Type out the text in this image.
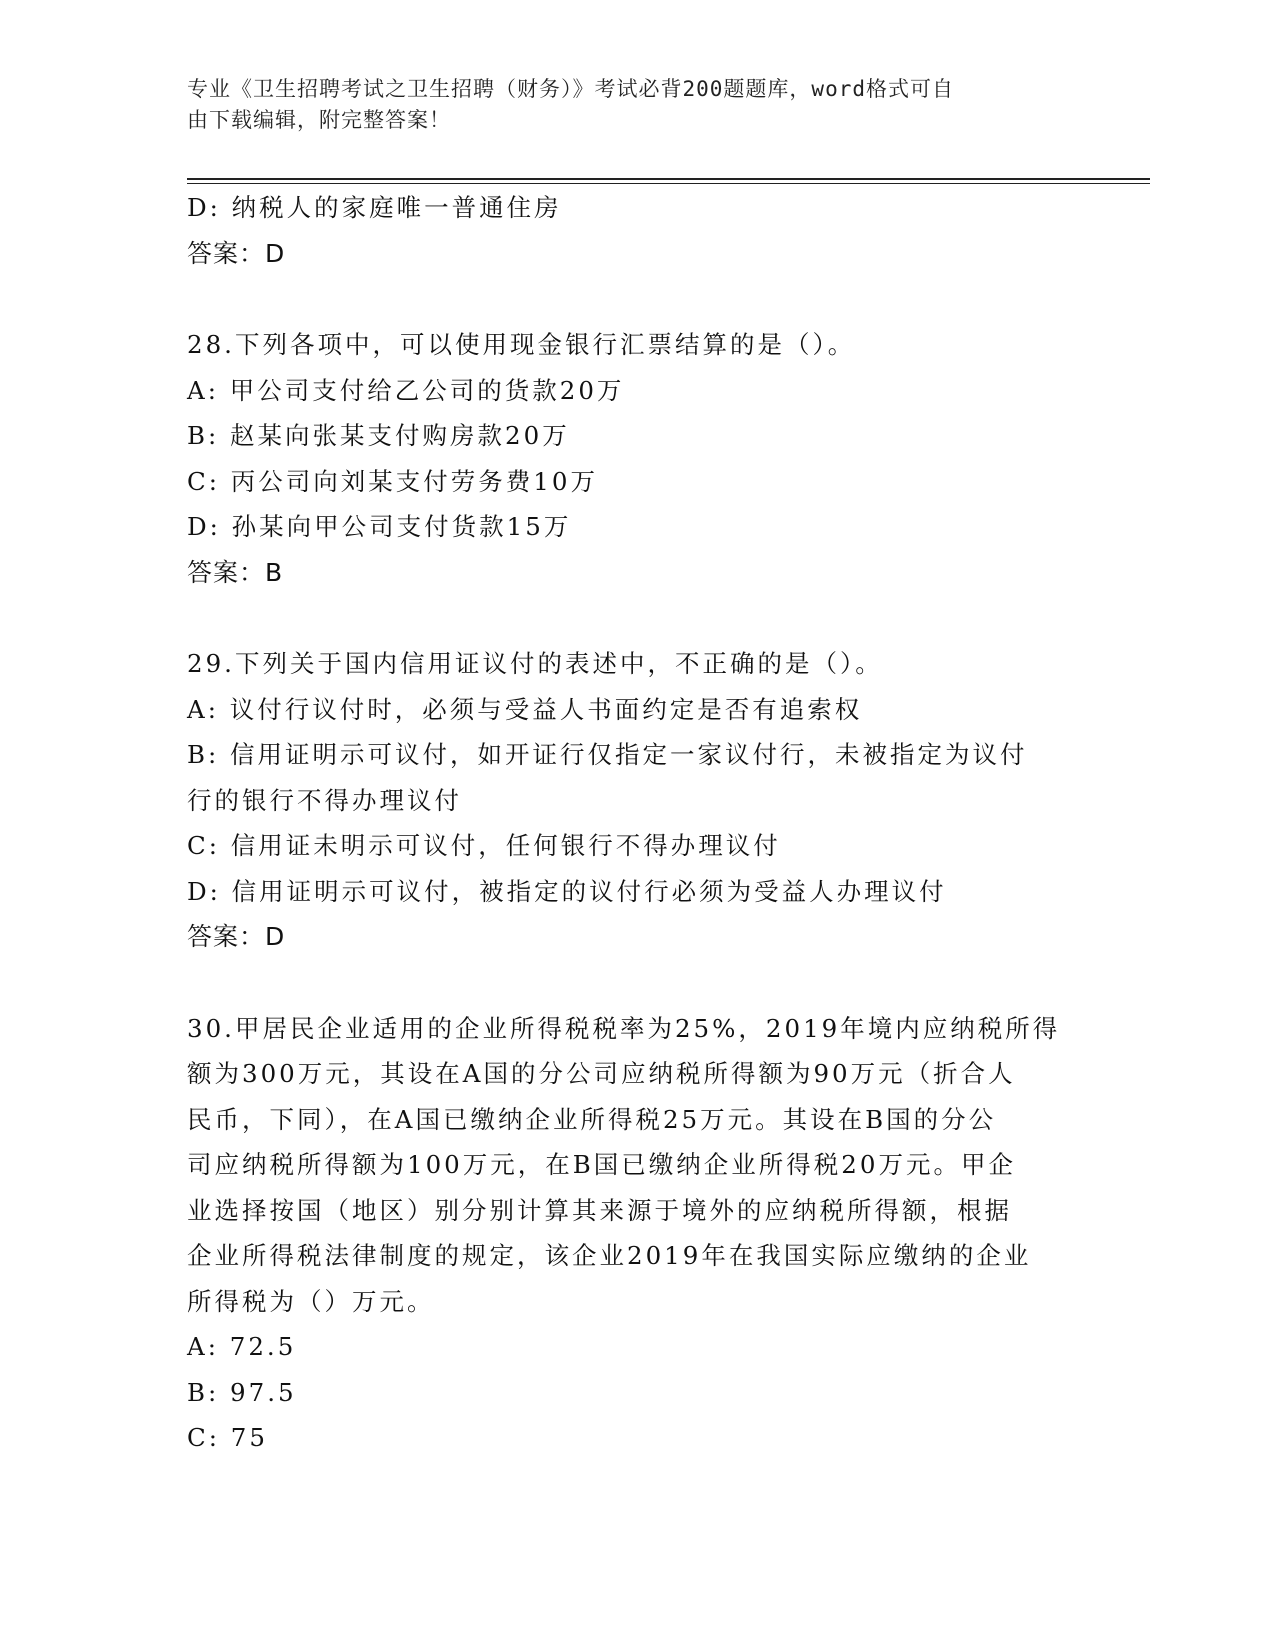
专业《卫生招聘考试之卫生招聘（财务）》考试必背200题题库，word格式可自
由下载编辑，附完整答案！

D: 纳税人的家庭唯一普通住房

答案：D

28.下列各项中，可以使用现金银行汇票结算的是（）。

A: 甲公司支付给乙公司的货款20万

B: 赵某向张某支付购房款20万

C: 丙公司向刘某支付劳务费10万

D: 孙某向甲公司支付货款15万

答案：B

29.下列关于国内信用证议付的表述中，不正确的是（）。

A: 议付行议付时，必须与受益人书面约定是否有追索权

B: 信用证明示可议付，如开证行仅指定一家议付行，未被指定为议付

行的银行不得办理议付

C: 信用证未明示可议付，任何银行不得办理议付

D: 信用证明示可议付，被指定的议付行必须为受益人办理议付

答案：D

30.甲居民企业适用的企业所得税税率为25%，2019年境内应纳税所得

额为300万元，其设在A国的分公司应纳税所得额为90万元（折合人

民币，下同），在A国已缴纳企业所得税25万元。其设在B国的分公

司应纳税所得额为100万元，在B国已缴纳企业所得税20万元。甲企

业选择按国（地区）别分别计算其来源于境外的应纳税所得额，根据

企业所得税法律制度的规定，该企业2019年在我国实际应缴纳的企业

所得税为（）万元。

A: 72.5

B: 97.5

C: 75
